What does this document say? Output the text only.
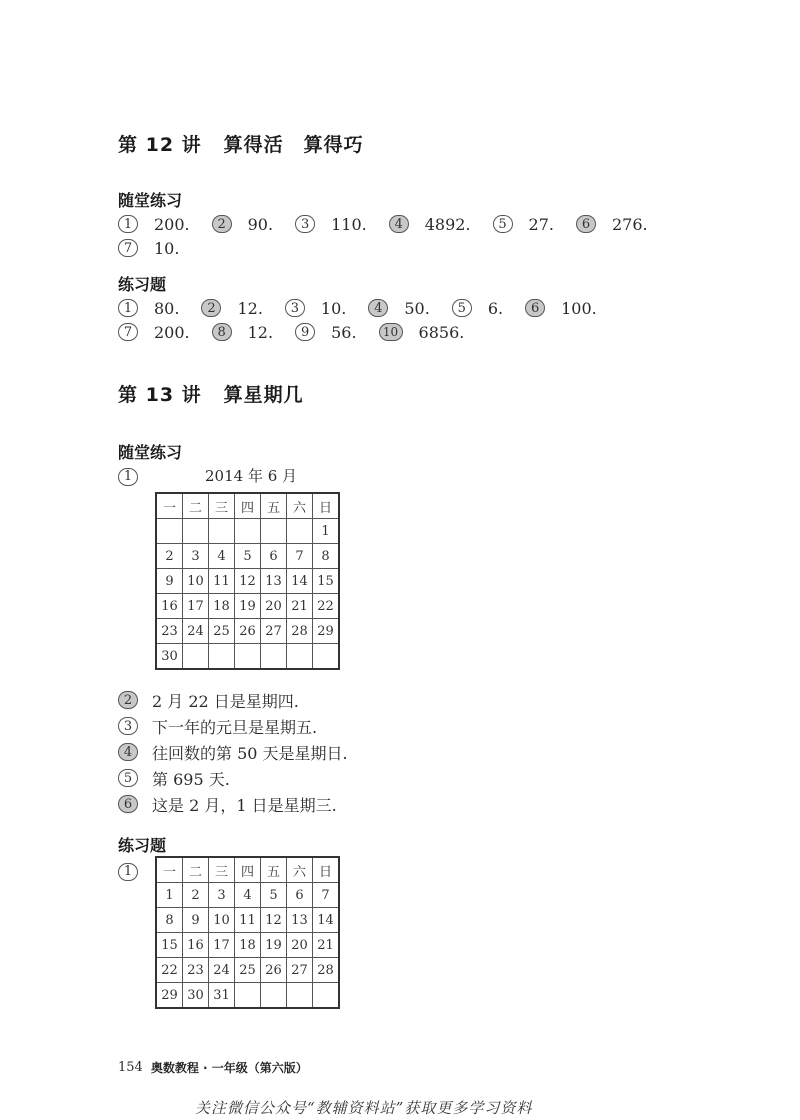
第 12 讲 算得活　算得巧
随堂练习
1	200.	2	90.	3	110.	4	4892.	5	27.	6	276.
7	10.
练习题
1	80.	2	12.	3	10.	4	50.	5	6.	6	100.
7	200.	8	12.	9	56.	10 6856.
第 13 讲 算星期几
随堂练习
1	2014 年 6 月
一	二	三	四	五	六	日
						1
2	3	4	5	6	7	8
9	10	11	12	13	14	15
16	17	18	19	20	21	22
23	24	25	26	27	28	29
30						
2	2 月 22 日是星期四.
3	下一年的元旦是星期五.
4	往回数的第 50 天是星期日.
5	第 695 天.
6	这是 2 月，1 日是星期三.
练习题
1	一	二	三	四	五	六	日
1	2	3	4	5	6	7
8	9	10	11	12	13	14
15	16	17	18	19	20	21
22	23	24	25	26	27	28
29	30	31				
154 奥数教程 · 一年级（第六版）
关注微信公众号“教辅资料站”获取更多学习资料
